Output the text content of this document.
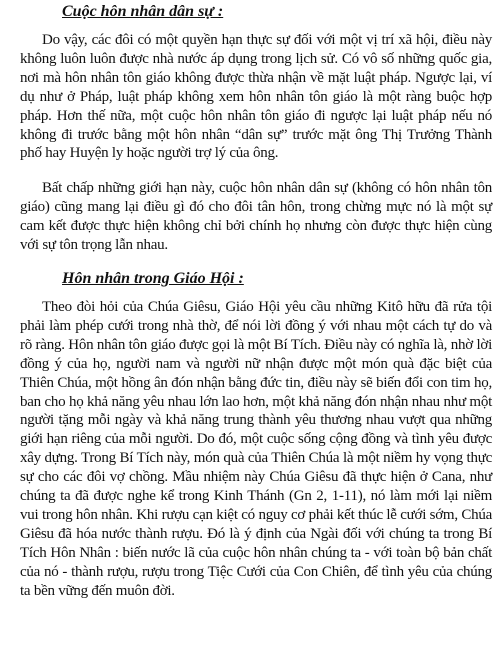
Cuộc hôn nhân dân sự :

Do vậy, các đôi có một quyền hạn thực sự đối với một vị trí xã hội, điều này không luôn luôn được nhà nước áp dụng trong lịch sử. Có vô số những quốc gia, nơi mà hôn nhân tôn giáo không được thừa nhận về mặt luật pháp. Ngược lại, ví dụ như ở Pháp, luật pháp không xem hôn nhân tôn giáo là một ràng buộc hợp pháp. Hơn thế nữa, một cuộc hôn nhân tôn giáo đi ngược lại luật pháp nếu nó không đi trước bằng một hôn nhân “dân sự” trước mặt ông Thị Trưởng Thành phố hay Huyện ly hoặc người trợ lý của ông.

Bất chấp những giới hạn này, cuộc hôn nhân dân sự (không có hôn nhân tôn giáo) cũng mang lại điều gì đó cho đôi tân hôn, trong chừng mực nó là một sự cam kết được thực hiện không chỉ bởi chính họ nhưng còn được thực hiện cùng với sự tôn trọng lẫn nhau.

Hôn nhân trong Giáo Hội :

Theo đòi hỏi của Chúa Giêsu, Giáo Hội yêu cầu những Kitô hữu đã rửa tội phải làm phép cưới trong nhà thờ, để nói lời đồng ý với nhau một cách tự do và rõ ràng. Hôn nhân tôn giáo được gọi là một Bí Tích. Điều này có nghĩa là, nhờ lời đồng ý của họ, người nam và người nữ nhận được một món quà đặc biệt của Thiên Chúa, một hồng ân đón nhận bằng đức tin, điều này sẽ biến đổi con tim họ, ban cho họ khả năng yêu nhau lớn lao hơn, một khả năng đón nhận nhau như một người tặng mỗi ngày và khả năng trung thành yêu thương nhau vượt qua những giới hạn riêng của mỗi người. Do đó, một cuộc sống cộng đồng và tình yêu được xây dựng. Trong Bí Tích này, món quà của Thiên Chúa là một niềm hy vọng thực sự cho các đôi vợ chồng. Mầu nhiệm này Chúa Giêsu đã thực hiện ở Cana, như chúng ta đã được nghe kể trong Kinh Thánh (Gn 2, 1-11), nó làm mới lại niềm vui trong hôn nhân. Khi rượu cạn kiệt có nguy cơ phải kết thúc lễ cưới sớm, Chúa Giêsu đã hóa nước thành rượu. Đó là ý định của Ngài đối với chúng ta trong Bí Tích Hôn Nhân : biến nước lã của cuộc hôn nhân chúng ta - với toàn bộ bản chất của nó - thành rượu, rượu trong Tiệc Cưới của Con Chiên, để tình yêu của chúng ta bền vững đến muôn đời.
